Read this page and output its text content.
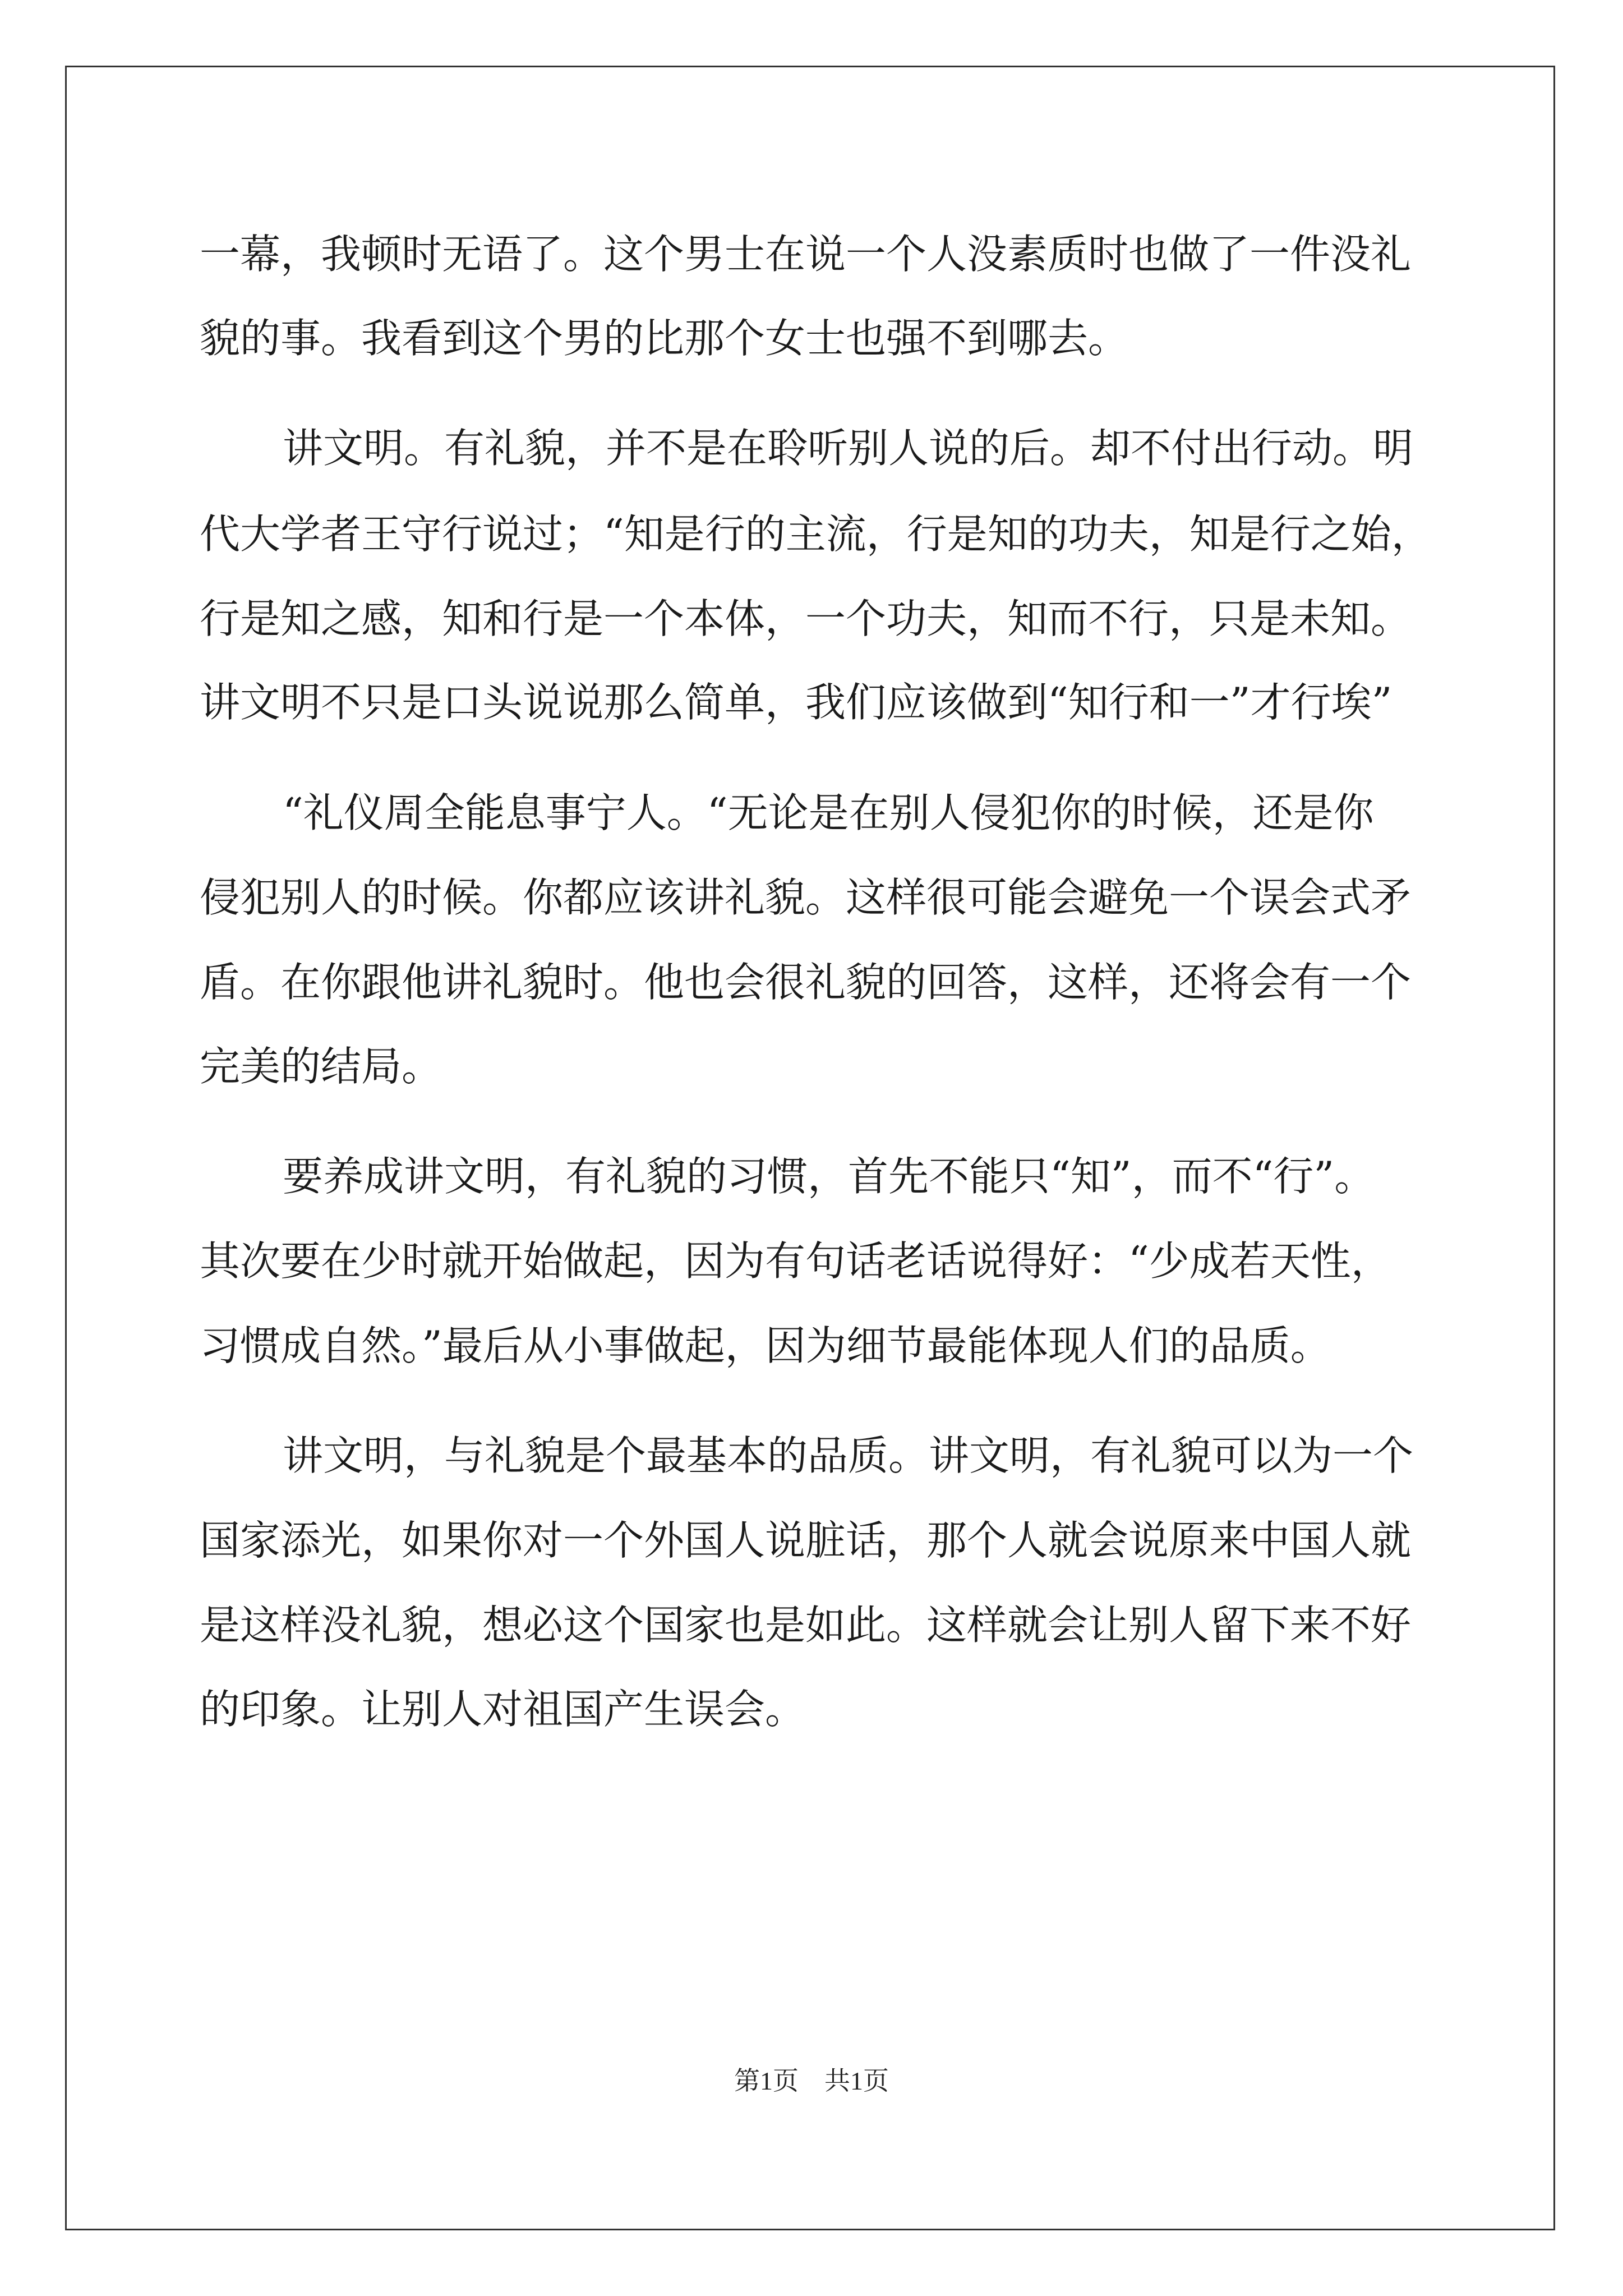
一幕，我顿时无语了。这个男士在说一个人没素质时也做了一件没礼
貌的事。我看到这个男的比那个女士也强不到哪去。
讲文明。有礼貌，并不是在聆听别人说的后。却不付出行动。明
代大学者王守行说过；“知是行的主流，行是知的功夫，知是行之始，
行是知之感，知和行是一个本体，一个功夫，知而不行，只是未知。
讲文明不只是口头说说那么简单，我们应该做到“知行和一”才行埃”
“礼仪周全能息事宁人。“无论是在别人侵犯你的时候，还是你
侵犯别人的时候。你都应该讲礼貌。这样很可能会避免一个误会式矛
盾。在你跟他讲礼貌时。他也会很礼貌的回答，这样，还将会有一个
完美的结局。
要养成讲文明，有礼貌的习惯，首先不能只“知”，而不“行”。
其次要在少时就开始做起，因为有句话老话说得好：“少成若天性，
习惯成自然。”最后从小事做起，因为细节最能体现人们的品质。
讲文明，与礼貌是个最基本的品质。讲文明，有礼貌可以为一个
国家添光，如果你对一个外国人说脏话，那个人就会说原来中国人就
是这样没礼貌，想必这个国家也是如此。这样就会让别人留下来不好
的印象。让别人对祖国产生误会。
第1页 共1页
